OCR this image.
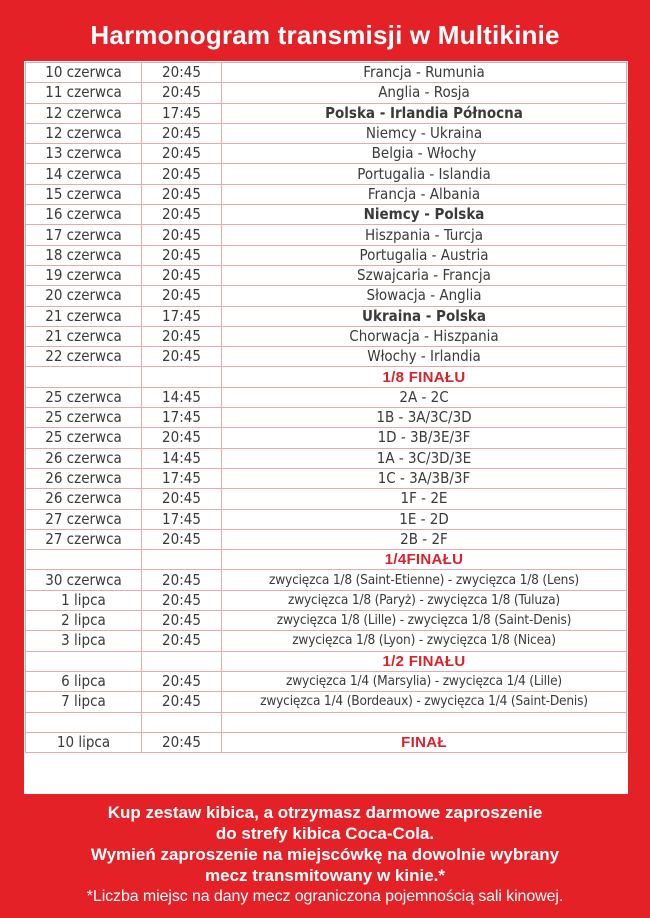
Harmonogram transmisji w Multikinie
10 czerwca	20:45	Francja - Rumunia
11 czerwca	20:45	Anglia - Rosja
12 czerwca	17:45	Polska - Irlandia Północna
12 czerwca	20:45	Niemcy - Ukraina
13 czerwca	20:45	Belgia - Włochy
14 czerwca	20:45	Portugalia - Islandia
15 czerwca	20:45	Francja - Albania
16 czerwca	20:45	Niemcy - Polska
17 czerwca	20:45	Hiszpania - Turcja
18 czerwca	20:45	Portugalia - Austria
19 czerwca	20:45	Szwajcaria - Francja
20 czerwca	20:45	Słowacja - Anglia
21 czerwca	17:45	Ukraina - Polska
21 czerwca	20:45	Chorwacja - Hiszpania
22 czerwca	20:45	Włochy - Irlandia
		1/8 FINAŁU
25 czerwca	14:45	2A - 2C
25 czerwca	17:45	1B - 3A/3C/3D
25 czerwca	20:45	1D - 3B/3E/3F
26 czerwca	14:45	1A - 3C/3D/3E
26 czerwca	17:45	1C - 3A/3B/3F
26 czerwca	20:45	1F - 2E
27 czerwca	17:45	1E - 2D
27 czerwca	20:45	2B - 2F
		1/4FINAŁU
30 czerwca	20:45	zwycięzca 1/8 (Saint-Etienne) - zwycięzca 1/8 (Lens)
1 lipca	20:45	zwycięzca 1/8 (Paryż) - zwycięzca 1/8 (Tuluza)
2 lipca	20:45	zwycięzca 1/8 (Lille) - zwycięzca 1/8 (Saint-Denis)
3 lipca	20:45	zwycięzca 1/8 (Lyon) - zwycięzca 1/8 (Nicea)
		1/2 FINAŁU
6 lipca	20:45	zwycięzca 1/4 (Marsylia) - zwycięzca 1/4 (Lille)
7 lipca	20:45	zwycięzca 1/4 (Bordeaux) - zwycięzca 1/4 (Saint-Denis)

10 lipca	20:45	FINAŁ
Kup zestaw kibica, a otrzymasz darmowe zaproszenie
do strefy kibica Coca-Cola.
Wymień zaproszenie na miejscówkę na dowolnie wybrany
mecz transmitowany w kinie.*
*Liczba miejsc na dany mecz ograniczona pojemnością sali kinowej.
